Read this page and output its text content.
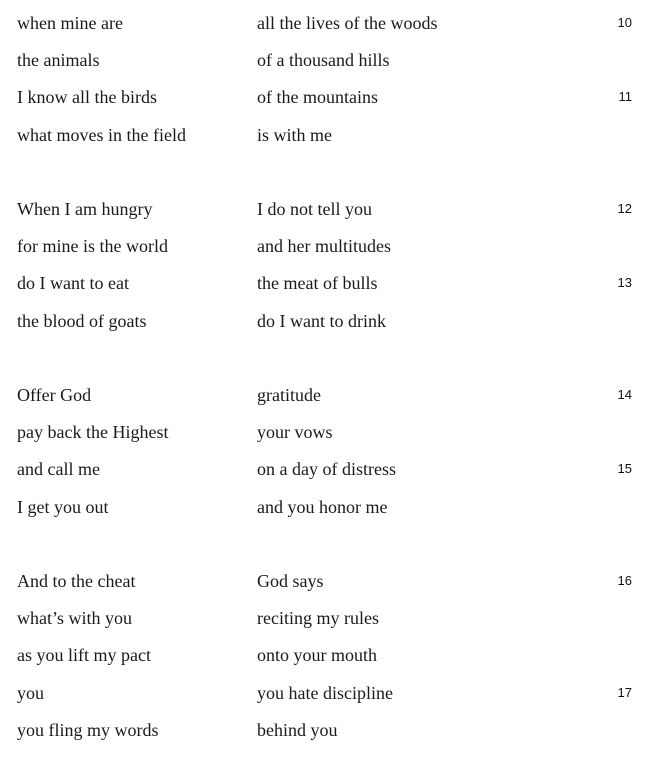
when mine are	all the lives of the woods	10
the animals	of a thousand hills
I know all the birds	of the mountains	11
what moves in the field	is with me
When I am hungry	I do not tell you	12
for mine is the world	and her multitudes
do I want to eat	the meat of bulls	13
the blood of goats	do I want to drink
Offer God	gratitude	14
pay back the Highest	your vows
and call me	on a day of distress	15
I get you out	and you honor me
And to the cheat	God says	16
what’s with you	reciting my rules
as you lift my pact	onto your mouth
you	you hate discipline	17
you fling my words	behind you
